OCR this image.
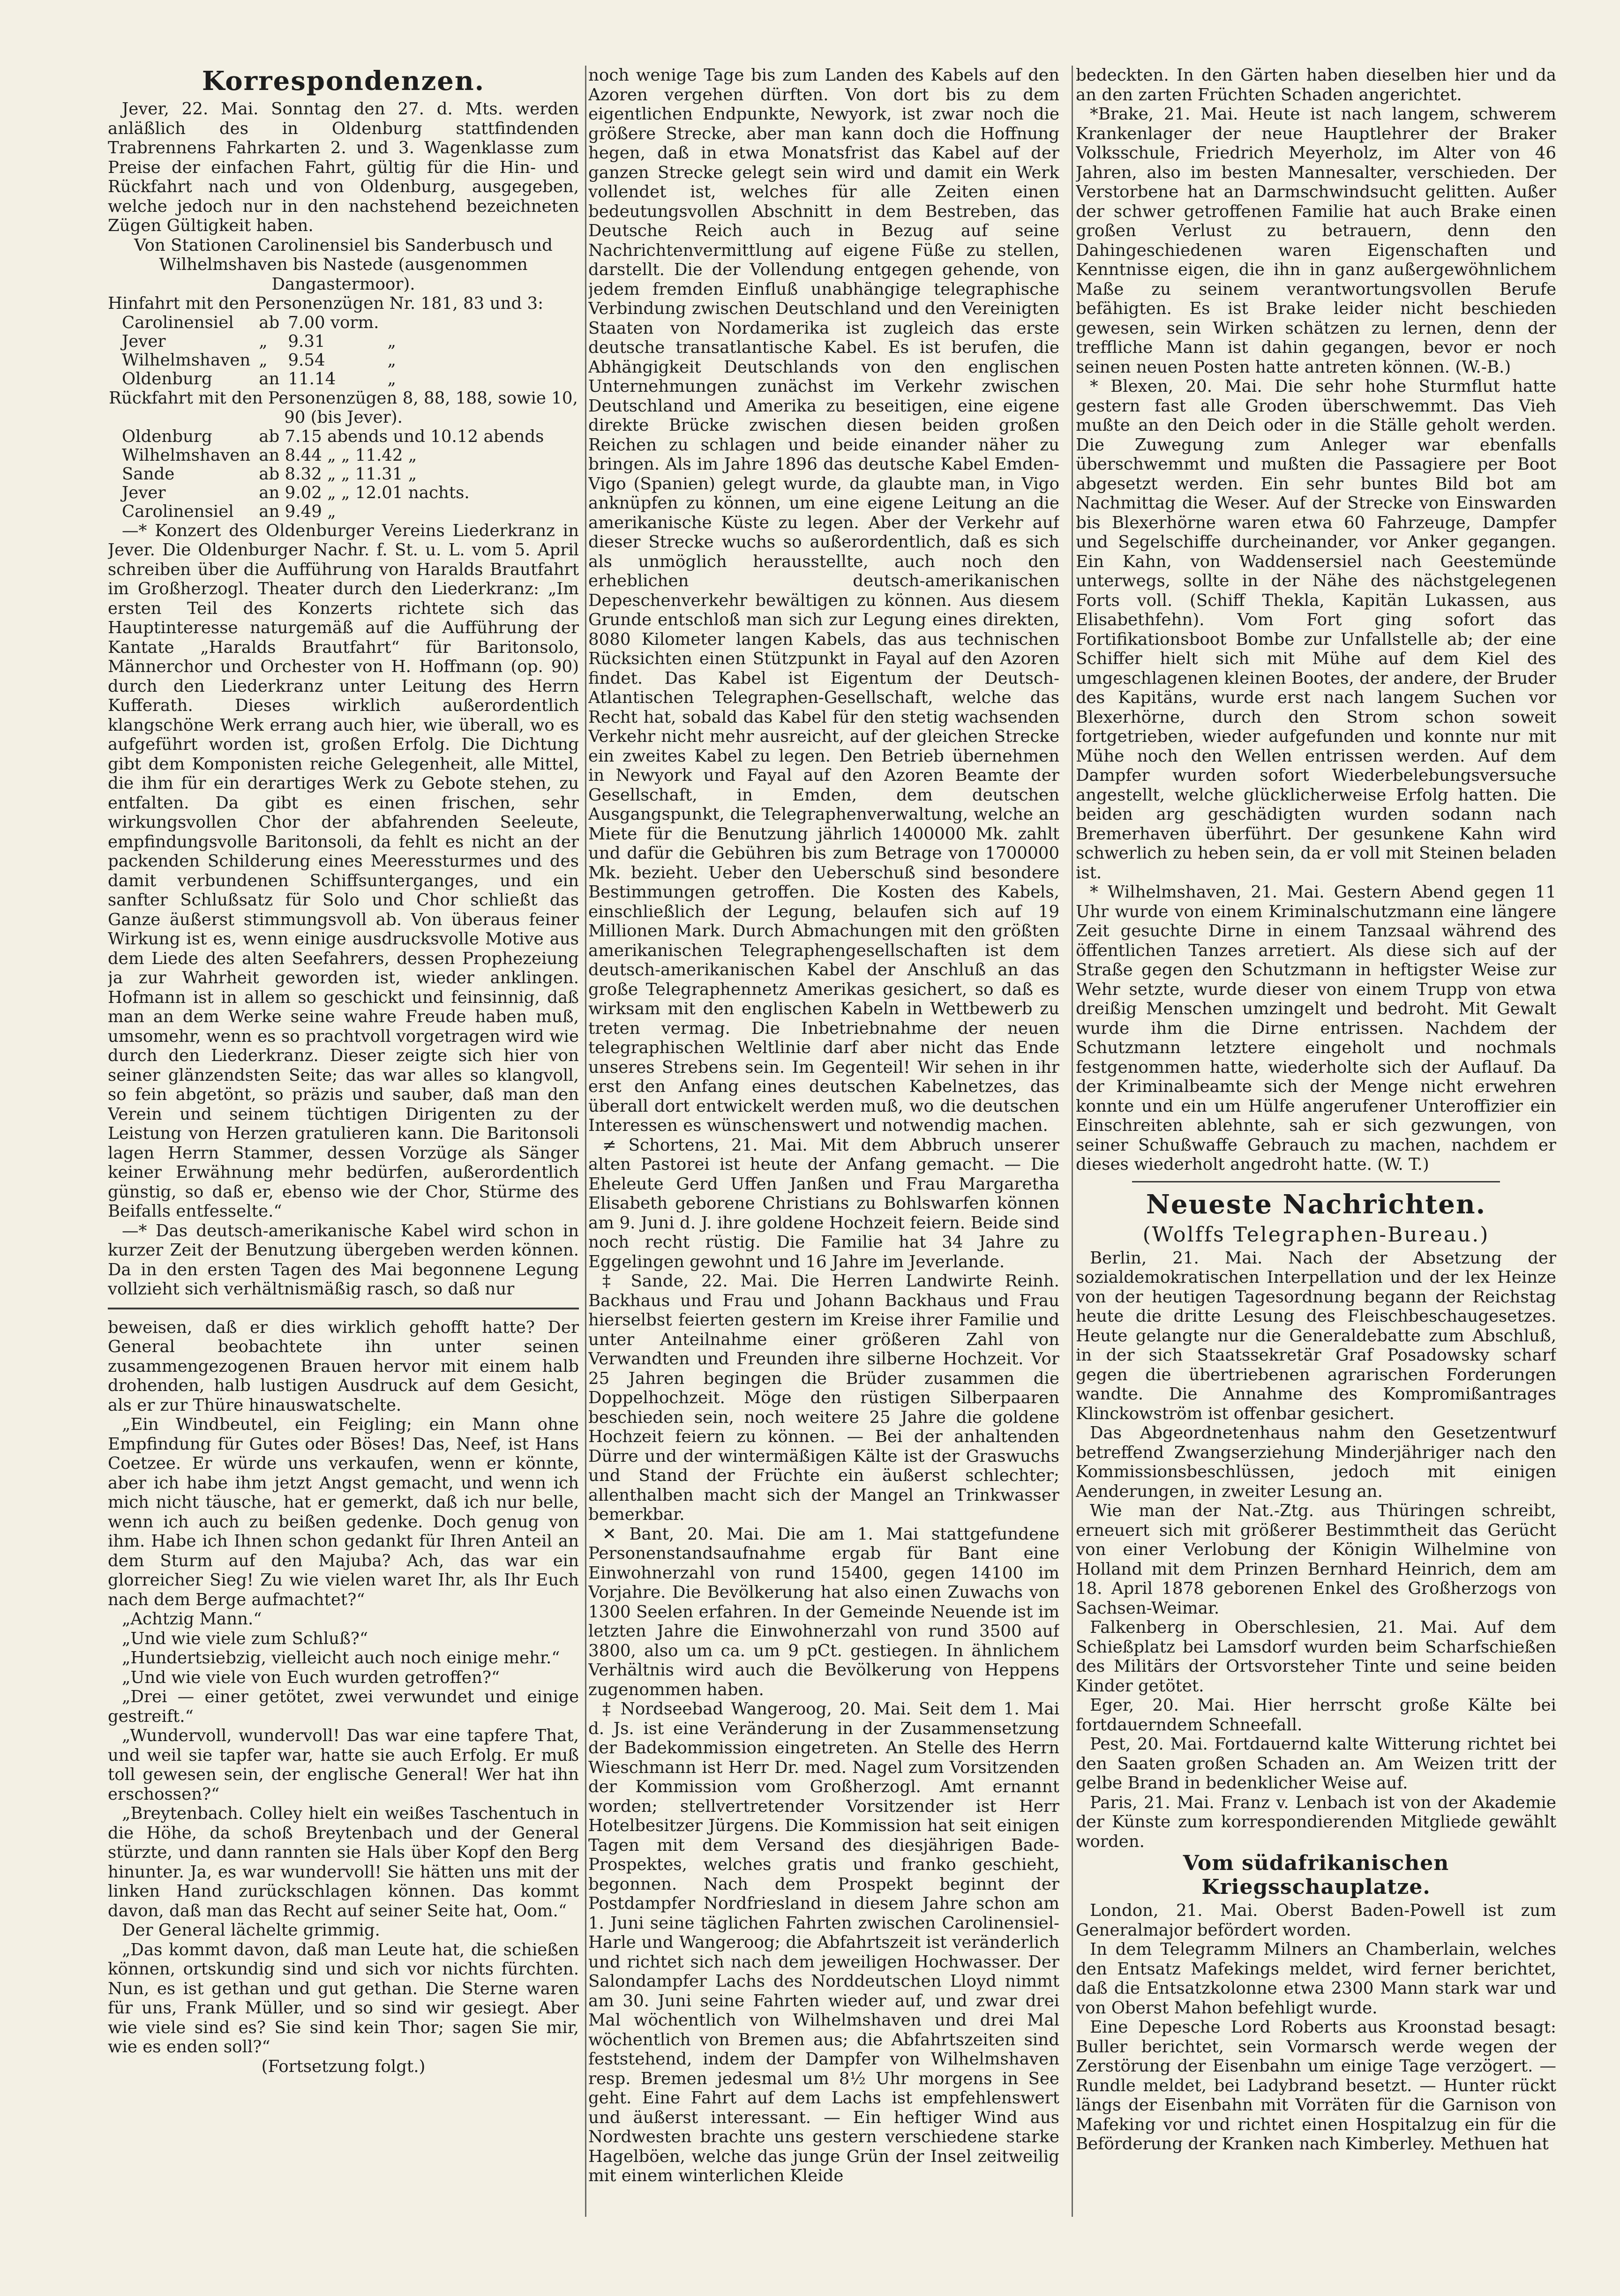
Korrespondenzen.

Jever, 22. Mai. Sonntag den 27. d. Mts. werden anläßlich des in Oldenburg stattfindenden Trabrennens Fahrkarten 2. und 3. Wagenklasse zum Preise der einfachen Fahrt, gültig für die Hin- und Rückfahrt nach und von Oldenburg, ausgegeben, welche jedoch nur in den nachstehend bezeichneten Zügen Gültigkeit haben.

Von Stationen Carolinensiel bis Sanderbusch und Wilhelmshaven bis Nastede (ausgenommen Dangastermoor).

Hinfahrt mit den Personenzügen Nr. 181, 83 und 3:

Carolinensiel	ab	7.00 vorm.	
Jever	„	9.31	„
Wilhelmshaven	„	9.54	„
Oldenburg	an	11.14	„

Rückfahrt mit den Personenzügen 8, 88, 188, sowie 10, 90 (bis Jever).

Oldenburg	ab 7.15 abends und 10.12 abends
Wilhelmshaven	an 8.44 „ „ 11.42 „
Sande	ab 8.32 „ „ 11.31 „
Jever	an 9.02 „ „ 12.01 nachts.
Carolinensiel	an 9.49 „

—* Konzert des Oldenburger Vereins Liederkranz in Jever. Die Oldenburger Nachr. f. St. u. L. vom 5. April schreiben über die Aufführung von Haralds Brautfahrt im Großherzogl. Theater durch den Liederkranz: „Im ersten Teil des Konzerts richtete sich das Hauptinteresse naturgemäß auf die Aufführung der Kantate „Haralds Brautfahrt“ für Baritonsolo, Männerchor und Orchester von H. Hoffmann (op. 90) durch den Liederkranz unter Leitung des Herrn Kufferath. Dieses wirklich außerordentlich klangschöne Werk errang auch hier, wie überall, wo es aufgeführt worden ist, großen Erfolg. Die Dichtung gibt dem Komponisten reiche Gelegenheit, alle Mittel, die ihm für ein derartiges Werk zu Gebote stehen, zu entfalten. Da gibt es einen frischen, sehr wirkungsvollen Chor der abfahrenden Seeleute, empfindungsvolle Baritonsoli, da fehlt es nicht an der packenden Schilderung eines Meeressturmes und des damit verbundenen Schiffsunterganges, und ein sanfter Schlußsatz für Solo und Chor schließt das Ganze äußerst stimmungsvoll ab. Von überaus feiner Wirkung ist es, wenn einige ausdrucksvolle Motive aus dem Liede des alten Seefahrers, dessen Prophezeiung ja zur Wahrheit geworden ist, wieder anklingen. Hofmann ist in allem so geschickt und feinsinnig, daß man an dem Werke seine wahre Freude haben muß, umsomehr, wenn es so prachtvoll vorgetragen wird wie durch den Liederkranz. Dieser zeigte sich hier von seiner glänzendsten Seite; das war alles so klangvoll, so fein abgetönt, so präzis und sauber, daß man den Verein und seinem tüchtigen Dirigenten zu der Leistung von Herzen gratulieren kann. Die Baritonsoli lagen Herrn Stammer, dessen Vorzüge als Sänger keiner Erwähnung mehr bedürfen, außerordentlich günstig, so daß er, ebenso wie der Chor, Stürme des Beifalls entfesselte.“

—* Das deutsch-amerikanische Kabel wird schon in kurzer Zeit der Benutzung übergeben werden können. Da in den ersten Tagen des Mai begonnene Legung vollzieht sich verhältnismäßig rasch, so daß nur

beweisen, daß er dies wirklich gehofft hatte? Der General beobachtete ihn unter seinen zusammengezogenen Brauen hervor mit einem halb drohenden, halb lustigen Ausdruck auf dem Gesicht, als er zur Thüre hinauswatschelte.

„Ein Windbeutel, ein Feigling; ein Mann ohne Empfindung für Gutes oder Böses! Das, Neef, ist Hans Coetzee. Er würde uns verkaufen, wenn er könnte, aber ich habe ihm jetzt Angst gemacht, und wenn ich mich nicht täusche, hat er gemerkt, daß ich nur belle, wenn ich auch zu beißen gedenke. Doch genug von ihm. Habe ich Ihnen schon gedankt für Ihren Anteil an dem Sturm auf den Majuba? Ach, das war ein glorreicher Sieg! Zu wie vielen waret Ihr, als Ihr Euch nach dem Berge aufmachtet?“

„Achtzig Mann.“

„Und wie viele zum Schluß?“

„Hundertsiebzig, vielleicht auch noch einige mehr.“

„Und wie viele von Euch wurden getroffen?“

„Drei — einer getötet, zwei verwundet und einige gestreift.“

„Wundervoll, wundervoll! Das war eine tapfere That, und weil sie tapfer war, hatte sie auch Erfolg. Er muß toll gewesen sein, der englische General! Wer hat ihn erschossen?“

„Breytenbach. Colley hielt ein weißes Taschentuch in die Höhe, da schoß Breytenbach und der General stürzte, und dann rannten sie Hals über Kopf den Berg hinunter. Ja, es war wundervoll! Sie hätten uns mit der linken Hand zurückschlagen können. Das kommt davon, daß man das Recht auf seiner Seite hat, Oom.“

Der General lächelte grimmig.

„Das kommt davon, daß man Leute hat, die schießen können, ortskundig sind und sich vor nichts fürchten. Nun, es ist gethan und gut gethan. Die Sterne waren für uns, Frank Müller, und so sind wir gesiegt. Aber wie viele sind es? Sie sind kein Thor; sagen Sie mir, wie es enden soll?“

(Fortsetzung folgt.)

noch wenige Tage bis zum Landen des Kabels auf den Azoren vergehen dürften. Von dort bis zu dem eigentlichen Endpunkte, Newyork, ist zwar noch die größere Strecke, aber man kann doch die Hoffnung hegen, daß in etwa Monatsfrist das Kabel auf der ganzen Strecke gelegt sein wird und damit ein Werk vollendet ist, welches für alle Zeiten einen bedeutungsvollen Abschnitt in dem Bestreben, das Deutsche Reich auch in Bezug auf seine Nachrichtenvermittlung auf eigene Füße zu stellen, darstellt. Die der Vollendung entgegen gehende, von jedem fremden Einfluß unabhängige telegraphische Verbindung zwischen Deutschland und den Vereinigten Staaten von Nordamerika ist zugleich das erste deutsche transatlantische Kabel. Es ist berufen, die Abhängigkeit Deutschlands von den englischen Unternehmungen zunächst im Verkehr zwischen Deutschland und Amerika zu beseitigen, eine eigene direkte Brücke zwischen diesen beiden großen Reichen zu schlagen und beide einander näher zu bringen. Als im Jahre 1896 das deutsche Kabel Emden-Vigo (Spanien) gelegt wurde, da glaubte man, in Vigo anknüpfen zu können, um eine eigene Leitung an die amerikanische Küste zu legen. Aber der Verkehr auf dieser Strecke wuchs so außerordentlich, daß es sich als unmöglich herausstellte, auch noch den erheblichen deutsch-amerikanischen Depeschenverkehr bewältigen zu können. Aus diesem Grunde entschloß man sich zur Legung eines direkten, 8080 Kilometer langen Kabels, das aus technischen Rücksichten einen Stützpunkt in Fayal auf den Azoren findet. Das Kabel ist Eigentum der Deutsch-Atlantischen Telegraphen-Gesellschaft, welche das Recht hat, sobald das Kabel für den stetig wachsenden Verkehr nicht mehr ausreicht, auf der gleichen Strecke ein zweites Kabel zu legen. Den Betrieb übernehmen in Newyork und Fayal auf den Azoren Beamte der Gesellschaft, in Emden, dem deutschen Ausgangspunkt, die Telegraphenverwaltung, welche an Miete für die Benutzung jährlich 1400000 Mk. zahlt und dafür die Gebühren bis zum Betrage von 1700000 Mk. bezieht. Ueber den Ueberschuß sind besondere Bestimmungen getroffen. Die Kosten des Kabels, einschließlich der Legung, belaufen sich auf 19 Millionen Mark. Durch Abmachungen mit den größten amerikanischen Telegraphengesellschaften ist dem deutsch-amerikanischen Kabel der Anschluß an das große Telegraphennetz Amerikas gesichert, so daß es wirksam mit den englischen Kabeln in Wettbewerb zu treten vermag. Die Inbetriebnahme der neuen telegraphischen Weltlinie darf aber nicht das Ende unseres Strebens sein. Im Gegenteil! Wir sehen in ihr erst den Anfang eines deutschen Kabelnetzes, das überall dort entwickelt werden muß, wo die deutschen Interessen es wünschenswert und notwendig machen.

≠ Schortens, 21. Mai. Mit dem Abbruch unserer alten Pastorei ist heute der Anfang gemacht. — Die Eheleute Gerd Uffen Janßen und Frau Margaretha Elisabeth geborene Christians zu Bohlswarfen können am 9. Juni d. J. ihre goldene Hochzeit feiern. Beide sind noch recht rüstig. Die Familie hat 34 Jahre zu Eggelingen gewohnt und 16 Jahre im Jeverlande.

‡ Sande, 22. Mai. Die Herren Landwirte Reinh. Backhaus und Frau und Johann Backhaus und Frau hierselbst feierten gestern im Kreise ihrer Familie und unter Anteilnahme einer größeren Zahl von Verwandten und Freunden ihre silberne Hochzeit. Vor 25 Jahren begingen die Brüder zusammen die Doppelhochzeit. Möge den rüstigen Silberpaaren beschieden sein, noch weitere 25 Jahre die goldene Hochzeit feiern zu können. — Bei der anhaltenden Dürre und der wintermäßigen Kälte ist der Graswuchs und Stand der Früchte ein äußerst schlechter; allenthalben macht sich der Mangel an Trinkwasser bemerkbar.

✕ Bant, 20. Mai. Die am 1. Mai stattgefundene Personenstandsaufnahme ergab für Bant eine Einwohnerzahl von rund 15400, gegen 14100 im Vorjahre. Die Bevölkerung hat also einen Zuwachs von 1300 Seelen erfahren. In der Gemeinde Neuende ist im letzten Jahre die Einwohnerzahl von rund 3500 auf 3800, also um ca. um 9 pCt. gestiegen. In ähnlichem Verhältnis wird auch die Bevölkerung von Heppens zugenommen haben.

‡ Nordseebad Wangeroog, 20. Mai. Seit dem 1. Mai d. Js. ist eine Veränderung in der Zusammensetzung der Badekommission eingetreten. An Stelle des Herrn Wieschmann ist Herr Dr. med. Nagel zum Vorsitzenden der Kommission vom Großherzogl. Amt ernannt worden; stellvertretender Vorsitzender ist Herr Hotelbesitzer Jürgens. Die Kommission hat seit einigen Tagen mit dem Versand des diesjährigen Bade-Prospektes, welches gratis und franko geschieht, begonnen. Nach dem Prospekt beginnt der Postdampfer Nordfriesland in diesem Jahre schon am 1. Juni seine täglichen Fahrten zwischen Carolinensiel-Harle und Wangeroog; die Abfahrtszeit ist veränderlich und richtet sich nach dem jeweiligen Hochwasser. Der Salondampfer Lachs des Norddeutschen Lloyd nimmt am 30. Juni seine Fahrten wieder auf, und zwar drei Mal wöchentlich von Wilhelmshaven und drei Mal wöchentlich von Bremen aus; die Abfahrtszeiten sind feststehend, indem der Dampfer von Wilhelmshaven resp. Bremen jedesmal um 8½ Uhr morgens in See geht. Eine Fahrt auf dem Lachs ist empfehlenswert und äußerst interessant. — Ein heftiger Wind aus Nordwesten brachte uns gestern verschiedene starke Hagelböen, welche das junge Grün der Insel zeitweilig mit einem winterlichen Kleide

bedeckten. In den Gärten haben dieselben hier und da an den zarten Früchten Schaden angerichtet.

*Brake, 21. Mai. Heute ist nach langem, schwerem Krankenlager der neue Hauptlehrer der Braker Volksschule, Friedrich Meyerholz, im Alter von 46 Jahren, also im besten Mannesalter, verschieden. Der Verstorbene hat an Darmschwindsucht gelitten. Außer der schwer getroffenen Familie hat auch Brake einen großen Verlust zu betrauern, denn den Dahingeschiedenen waren Eigenschaften und Kenntnisse eigen, die ihn in ganz außergewöhnlichem Maße zu seinem verantwortungsvollen Berufe befähigten. Es ist Brake leider nicht beschieden gewesen, sein Wirken schätzen zu lernen, denn der treffliche Mann ist dahin gegangen, bevor er noch seinen neuen Posten hatte antreten können. (W.-B.)

* Blexen, 20. Mai. Die sehr hohe Sturmflut hatte gestern fast alle Groden überschwemmt. Das Vieh mußte an den Deich oder in die Ställe geholt werden. Die Zuwegung zum Anleger war ebenfalls überschwemmt und mußten die Passagiere per Boot abgesetzt werden. Ein sehr buntes Bild bot am Nachmittag die Weser. Auf der Strecke von Einswarden bis Blexerhörne waren etwa 60 Fahrzeuge, Dampfer und Segelschiffe durcheinander, vor Anker gegangen. Ein Kahn, von Waddensersiel nach Geestemünde unterwegs, sollte in der Nähe des nächstgelegenen Forts voll. (Schiff Thekla, Kapitän Lukassen, aus Elisabethfehn). Vom Fort ging sofort das Fortifikationsboot Bombe zur Unfallstelle ab; der eine Schiffer hielt sich mit Mühe auf dem Kiel des umgeschlagenen kleinen Bootes, der andere, der Bruder des Kapitäns, wurde erst nach langem Suchen vor Blexerhörne, durch den Strom schon soweit fortgetrieben, wieder aufgefunden und konnte nur mit Mühe noch den Wellen entrissen werden. Auf dem Dampfer wurden sofort Wiederbelebungsversuche angestellt, welche glücklicherweise Erfolg hatten. Die beiden arg geschädigten wurden sodann nach Bremerhaven überführt. Der gesunkene Kahn wird schwerlich zu heben sein, da er voll mit Steinen beladen ist.

* Wilhelmshaven, 21. Mai. Gestern Abend gegen 11 Uhr wurde von einem Kriminalschutzmann eine längere Zeit gesuchte Dirne in einem Tanzsaal während des öffentlichen Tanzes arretiert. Als diese sich auf der Straße gegen den Schutzmann in heftigster Weise zur Wehr setzte, wurde dieser von einem Trupp von etwa dreißig Menschen umzingelt und bedroht. Mit Gewalt wurde ihm die Dirne entrissen. Nachdem der Schutzmann letztere eingeholt und nochmals festgenommen hatte, wiederholte sich der Auflauf. Da der Kriminalbeamte sich der Menge nicht erwehren konnte und ein um Hülfe angerufener Unteroffizier ein Einschreiten ablehnte, sah er sich gezwungen, von seiner Schußwaffe Gebrauch zu machen, nachdem er dieses wiederholt angedroht hatte. (W. T.)

Neueste Nachrichten.
(Wolffs Telegraphen-Bureau.)

Berlin, 21. Mai. Nach der Absetzung der sozialdemokratischen Interpellation und der lex Heinze von der heutigen Tagesordnung begann der Reichstag heute die dritte Lesung des Fleischbeschaugesetzes. Heute gelangte nur die Generaldebatte zum Abschluß, in der sich Staatssekretär Graf Posadowsky scharf gegen die übertriebenen agrarischen Forderungen wandte. Die Annahme des Kompromißantrages Klinckowström ist offenbar gesichert.

Das Abgeordnetenhaus nahm den Gesetzentwurf betreffend Zwangserziehung Minderjähriger nach den Kommissionsbeschlüssen, jedoch mit einigen Aenderungen, in zweiter Lesung an.

Wie man der Nat.-Ztg. aus Thüringen schreibt, erneuert sich mit größerer Bestimmtheit das Gerücht von einer Verlobung der Königin Wilhelmine von Holland mit dem Prinzen Bernhard Heinrich, dem am 18. April 1878 geborenen Enkel des Großherzogs von Sachsen-Weimar.

Falkenberg in Oberschlesien, 21. Mai. Auf dem Schießplatz bei Lamsdorf wurden beim Scharfschießen des Militärs der Ortsvorsteher Tinte und seine beiden Kinder getötet.

Eger, 20. Mai. Hier herrscht große Kälte bei fortdauerndem Schneefall.

Pest, 20. Mai. Fortdauernd kalte Witterung richtet bei den Saaten großen Schaden an. Am Weizen tritt der gelbe Brand in bedenklicher Weise auf.

Paris, 21. Mai. Franz v. Lenbach ist von der Akademie der Künste zum korrespondierenden Mitgliede gewählt worden.

Vom südafrikanischen Kriegsschauplatze.

London, 21. Mai. Oberst Baden-Powell ist zum Generalmajor befördert worden.

In dem Telegramm Milners an Chamberlain, welches den Entsatz Mafekings meldet, wird ferner berichtet, daß die Entsatzkolonne etwa 2300 Mann stark war und von Oberst Mahon befehligt wurde.

Eine Depesche Lord Roberts aus Kroonstad besagt: Buller berichtet, sein Vormarsch werde wegen der Zerstörung der Eisenbahn um einige Tage verzögert. — Rundle meldet, bei Ladybrand besetzt. — Hunter rückt längs der Eisenbahn mit Vorräten für die Garnison von Mafeking vor und richtet einen Hospitalzug ein für die Beförderung der Kranken nach Kimberley. Methuen hat
